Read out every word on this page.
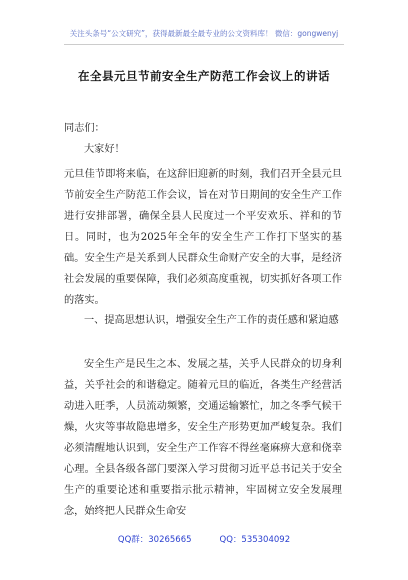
关注头条号“公文研究”，获得最新最全最专业的公文资料库！ 微信：gongwenyj
在全县元旦节前安全生产防范工作会议上的讲话
同志们：
大家好！
元旦佳节即将来临，在这辞旧迎新的时刻，我们召开全县元旦节前安全生产防范工作会议，旨在对节日期间的安全生产工作进行安排部署，确保全县人民度过一个平安欢乐、祥和的节日。同时，也为2025年全年的安全生产工作打下坚实的基础。安全生产是关系到人民群众生命财产安全的大事，是经济社会发展的重要保障，我们必须高度重视，切实抓好各项工作的落实。
一、提高思想认识，增强安全生产工作的责任感和紧迫感
安全生产是民生之本、发展之基，关乎人民群众的切身利益，关乎社会的和谐稳定。随着元旦的临近，各类生产经营活动进入旺季，人员流动频繁，交通运输繁忙，加之冬季气候干燥，火灾等事故隐患增多，安全生产形势更加严峻复杂。我们必须清醒地认识到，安全生产工作容不得丝毫麻痹大意和侥幸心理。全县各级各部门要深入学习贯彻习近平总书记关于安全生产的重要论述和重要指示批示精神，牢固树立安全发展理念，始终把人民群众生命安
QQ群：30265665	QQ：535304092
